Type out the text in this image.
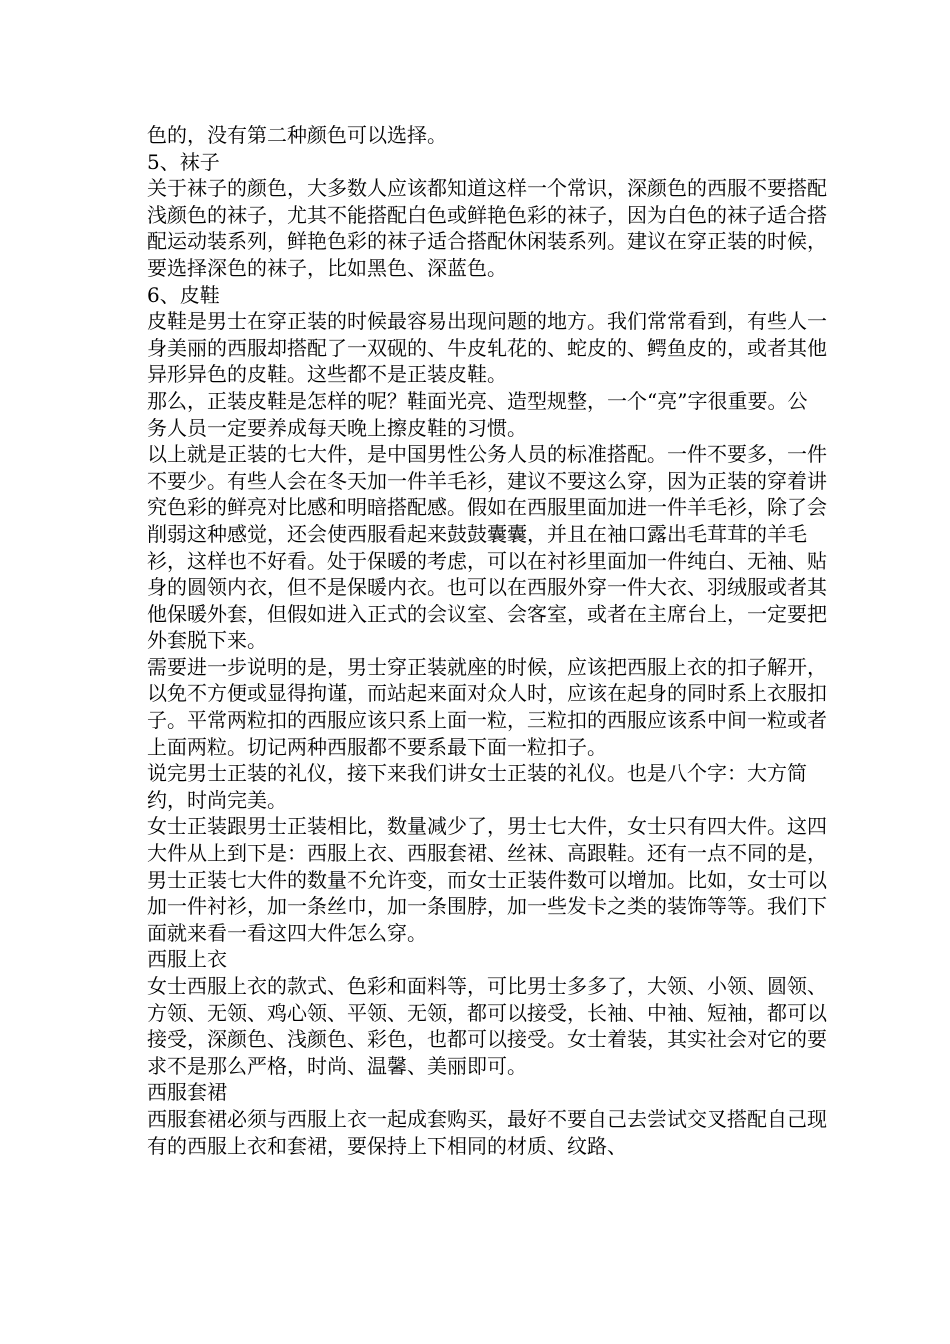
色的，没有第二种颜色可以选择。

5、袜子

关于袜子的颜色，大多数人应该都知道这样一个常识，深颜色的西服不要搭配浅颜色的袜子，尤其不能搭配白色或鲜艳色彩的袜子，因为白色的袜子适合搭配运动装系列，鲜艳色彩的袜子适合搭配休闲装系列。建议在穿正装的时候，要选择深色的袜子，比如黑色、深蓝色。

6、皮鞋

皮鞋是男士在穿正装的时候最容易出现问题的地方。我们常常看到，有些人一身美丽的西服却搭配了一双砚的、牛皮轧花的、蛇皮的、鳄鱼皮的，或者其他异形异色的皮鞋。这些都不是正装皮鞋。

那么，正装皮鞋是怎样的呢？鞋面光亮、造型规整，一个“亮”字很重要。公务人员一定要养成每天晚上擦皮鞋的习惯。

以上就是正装的七大件，是中国男性公务人员的标准搭配。一件不要多，一件不要少。有些人会在冬天加一件羊毛衫，建议不要这么穿，因为正装的穿着讲究色彩的鲜亮对比感和明暗搭配感。假如在西服里面加进一件羊毛衫，除了会削弱这种感觉，还会使西服看起来鼓鼓囊囊，并且在袖口露出毛茸茸的羊毛衫，这样也不好看。处于保暖的考虑，可以在衬衫里面加一件纯白、无袖、贴身的圆领内衣，但不是保暖内衣。也可以在西服外穿一件大衣、羽绒服或者其他保暖外套，但假如进入正式的会议室、会客室，或者在主席台上，一定要把外套脱下来。

需要进一步说明的是，男士穿正装就座的时候，应该把西服上衣的扣子解开，以免不方便或显得拘谨，而站起来面对众人时，应该在起身的同时系上衣服扣子。平常两粒扣的西服应该只系上面一粒，三粒扣的西服应该系中间一粒或者上面两粒。切记两种西服都不要系最下面一粒扣子。

说完男士正装的礼仪，接下来我们讲女士正装的礼仪。也是八个字：大方简约，时尚完美。

女士正装跟男士正装相比，数量减少了，男士七大件，女士只有四大件。这四大件从上到下是：西服上衣、西服套裙、丝袜、高跟鞋。还有一点不同的是，男士正装七大件的数量不允许变，而女士正装件数可以增加。比如，女士可以加一件衬衫，加一条丝巾，加一条围脖，加一些发卡之类的装饰等等。我们下面就来看一看这四大件怎么穿。

西服上衣

女士西服上衣的款式、色彩和面料等，可比男士多多了，大领、小领、圆领、方领、无领、鸡心领、平领、无领，都可以接受，长袖、中袖、短袖，都可以接受，深颜色、浅颜色、彩色，也都可以接受。女士着装，其实社会对它的要求不是那么严格，时尚、温馨、美丽即可。

西服套裙

西服套裙必须与西服上衣一起成套购买，最好不要自己去尝试交叉搭配自己现有的西服上衣和套裙，要保持上下相同的材质、纹路、
